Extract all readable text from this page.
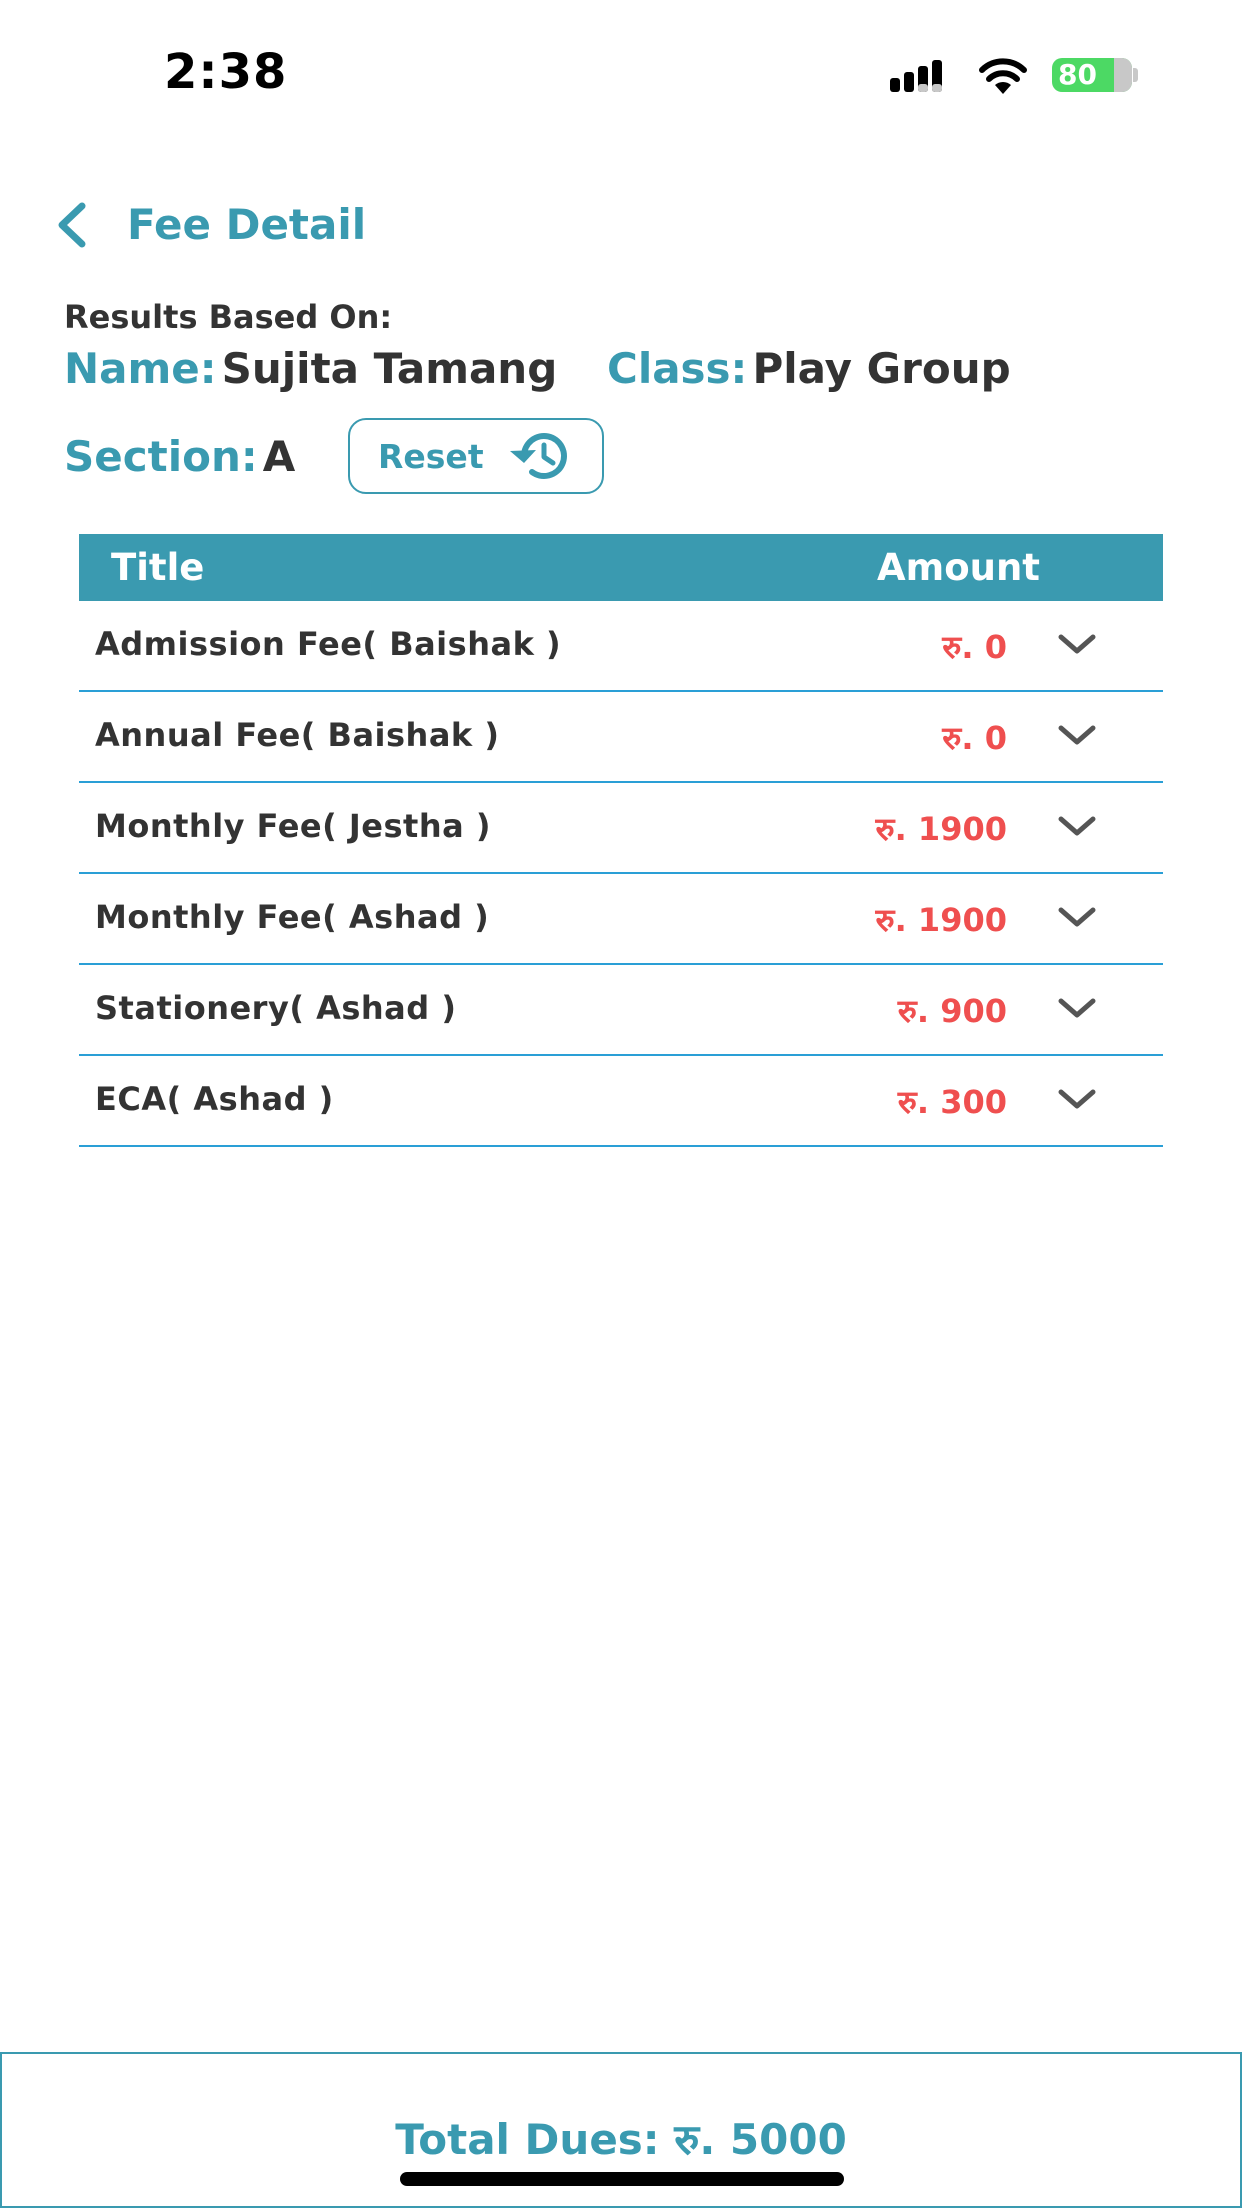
2:38	80
Fee Detail
Results Based On:
Name: Sujita Tamang Class: Play Group
Section: A	Reset
Title	Amount
Admission Fee( Baishak )	रु. 0
Annual Fee( Baishak )	रु. 0
Monthly Fee( Jestha )	रु. 1900
Monthly Fee( Ashad )	रु. 1900
Stationery( Ashad )	रु. 900
ECA( Ashad )	रु. 300
Total Dues: रु. 5000
